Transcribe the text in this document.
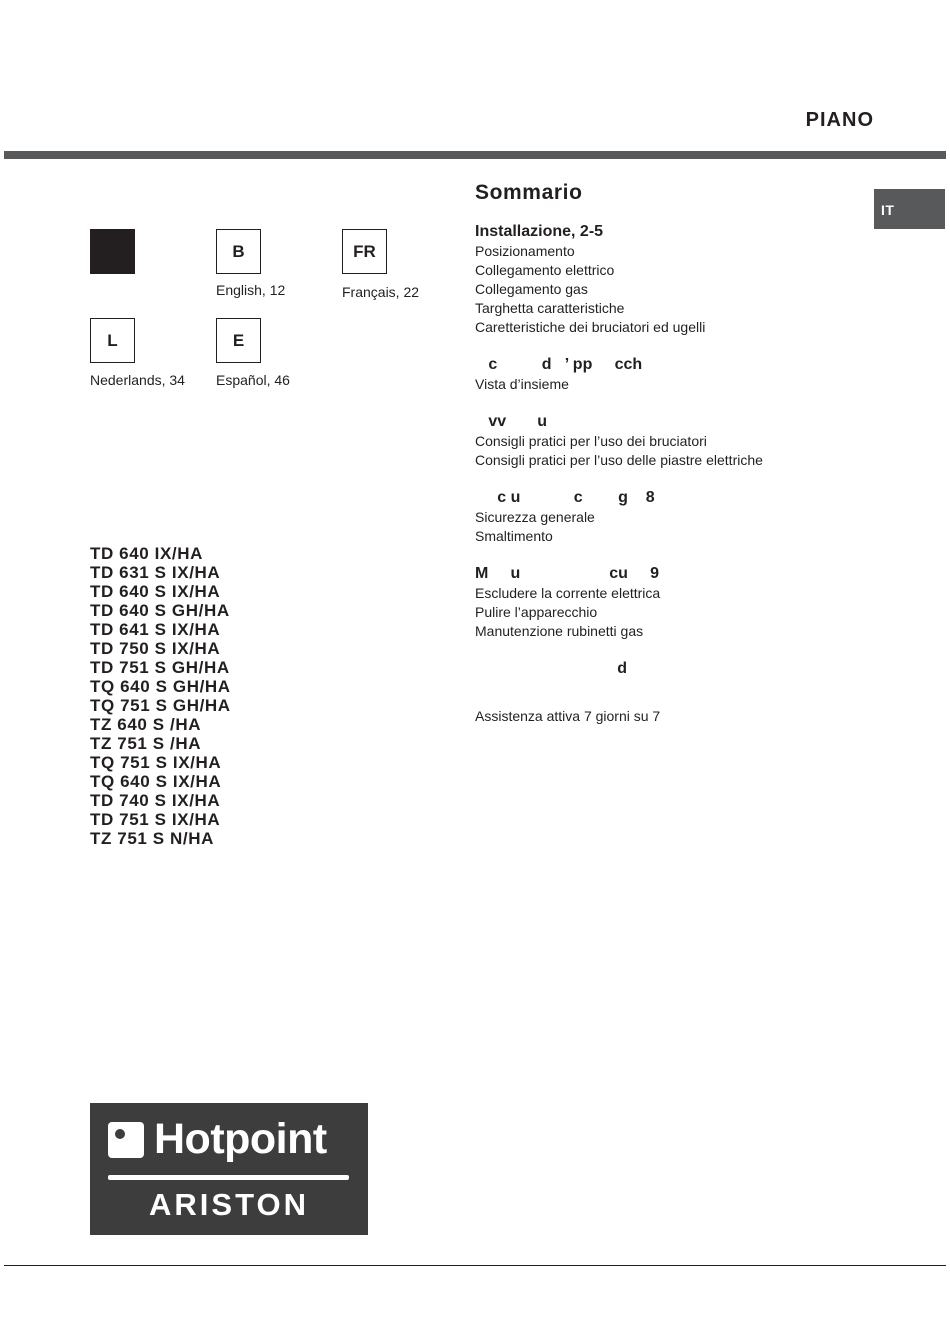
PIANO
IT
B
English, 12
FR
Français, 22
L
Nederlands, 34
E
Español, 46
TD 640 IX/HA
TD 631 S IX/HA
TD 640 S IX/HA
TD 640 S GH/HA
TD 641 S IX/HA
TD 750 S IX/HA
TD 751 S GH/HA
TQ 640 S GH/HA
TQ 751 S GH/HA
TZ 640 S /HA
TZ 751 S /HA
TQ 751 S IX/HA
TQ 640 S IX/HA
TD 740 S IX/HA
TD 751 S IX/HA
TZ 751 S N/HA
Sommario
Installazione, 2-5
Posizionamento
Collegamento elettrico
Collegamento gas
Targhetta caratteristiche
Caretteristiche dei bruciatori ed ugelli
c          d   ’ pp     cch
Vista d’insieme
vv       u
Consigli pratici per l’uso dei bruciatori
Consigli pratici per l’uso delle piastre elettriche
c u            c        g    8
Sicurezza generale
Smaltimento
M     u                    cu     9
Escludere la corrente elettrica
Pulire l’apparecchio
Manutenzione rubinetti gas
d
Assistenza attiva 7 giorni su 7
Hotpoint
ARISTON
